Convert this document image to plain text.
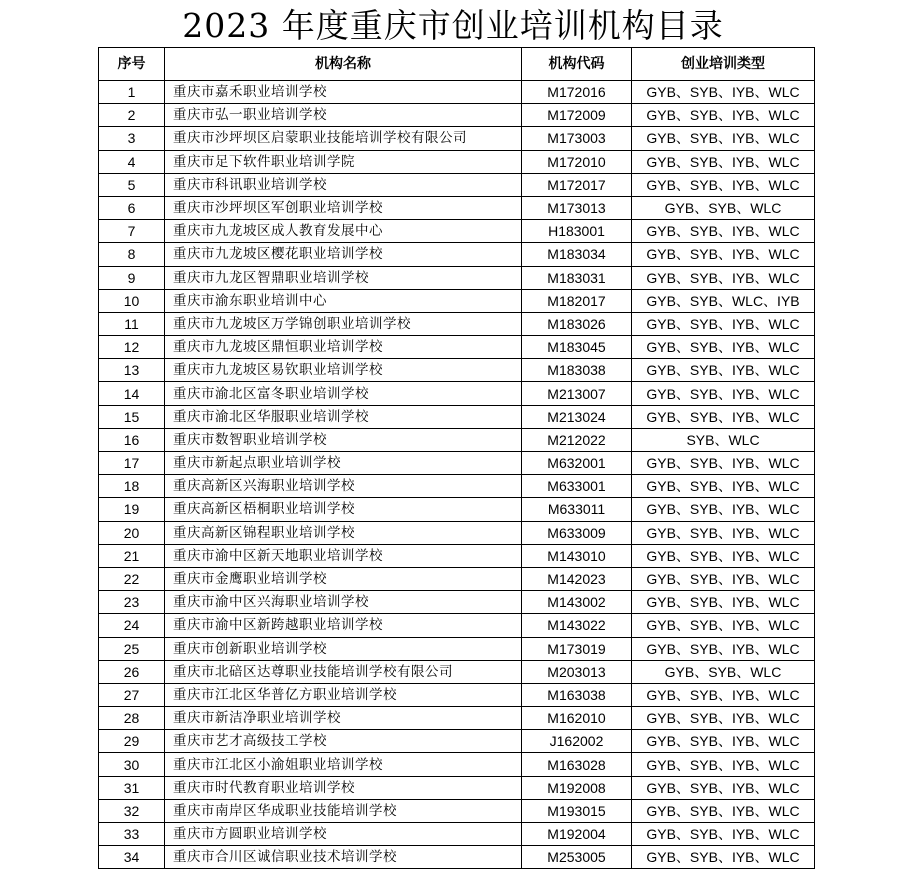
2023 年度重庆市创业培训机构目录
序号	机构名称	机构代码	创业培训类型
1	重庆市嘉禾职业培训学校	M172016	GYB、SYB、IYB、WLC
2	重庆市弘一职业培训学校	M172009	GYB、SYB、IYB、WLC
3	重庆市沙坪坝区启蒙职业技能培训学校有限公司	M173003	GYB、SYB、IYB、WLC
4	重庆市足下软件职业培训学院	M172010	GYB、SYB、IYB、WLC
5	重庆市科讯职业培训学校	M172017	GYB、SYB、IYB、WLC
6	重庆市沙坪坝区军创职业培训学校	M173013	GYB、SYB、WLC
7	重庆市九龙坡区成人教育发展中心	H183001	GYB、SYB、IYB、WLC
8	重庆市九龙坡区樱花职业培训学校	M183034	GYB、SYB、IYB、WLC
9	重庆市九龙区智鼎职业培训学校	M183031	GYB、SYB、IYB、WLC
10	重庆市渝东职业培训中心	M182017	GYB、SYB、WLC、IYB
11	重庆市九龙坡区万学锦创职业培训学校	M183026	GYB、SYB、IYB、WLC
12	重庆市九龙坡区鼎恒职业培训学校	M183045	GYB、SYB、IYB、WLC
13	重庆市九龙坡区易钦职业培训学校	M183038	GYB、SYB、IYB、WLC
14	重庆市渝北区富冬职业培训学校	M213007	GYB、SYB、IYB、WLC
15	重庆市渝北区华服职业培训学校	M213024	GYB、SYB、IYB、WLC
16	重庆市数智职业培训学校	M212022	SYB、WLC
17	重庆市新起点职业培训学校	M632001	GYB、SYB、IYB、WLC
18	重庆高新区兴海职业培训学校	M633001	GYB、SYB、IYB、WLC
19	重庆高新区梧桐职业培训学校	M633011	GYB、SYB、IYB、WLC
20	重庆高新区锦程职业培训学校	M633009	GYB、SYB、IYB、WLC
21	重庆市渝中区新天地职业培训学校	M143010	GYB、SYB、IYB、WLC
22	重庆市金鹰职业培训学校	M142023	GYB、SYB、IYB、WLC
23	重庆市渝中区兴海职业培训学校	M143002	GYB、SYB、IYB、WLC
24	重庆市渝中区新跨越职业培训学校	M143022	GYB、SYB、IYB、WLC
25	重庆市创新职业培训学校	M173019	GYB、SYB、IYB、WLC
26	重庆市北碚区达尊职业技能培训学校有限公司	M203013	GYB、SYB、WLC
27	重庆市江北区华普亿方职业培训学校	M163038	GYB、SYB、IYB、WLC
28	重庆市新洁净职业培训学校	M162010	GYB、SYB、IYB、WLC
29	重庆市艺才高级技工学校	J162002	GYB、SYB、IYB、WLC
30	重庆市江北区小渝姐职业培训学校	M163028	GYB、SYB、IYB、WLC
31	重庆市时代教育职业培训学校	M192008	GYB、SYB、IYB、WLC
32	重庆市南岸区华成职业技能培训学校	M193015	GYB、SYB、IYB、WLC
33	重庆市方圆职业培训学校	M192004	GYB、SYB、IYB、WLC
34	重庆市合川区诚信职业技术培训学校	M253005	GYB、SYB、IYB、WLC
